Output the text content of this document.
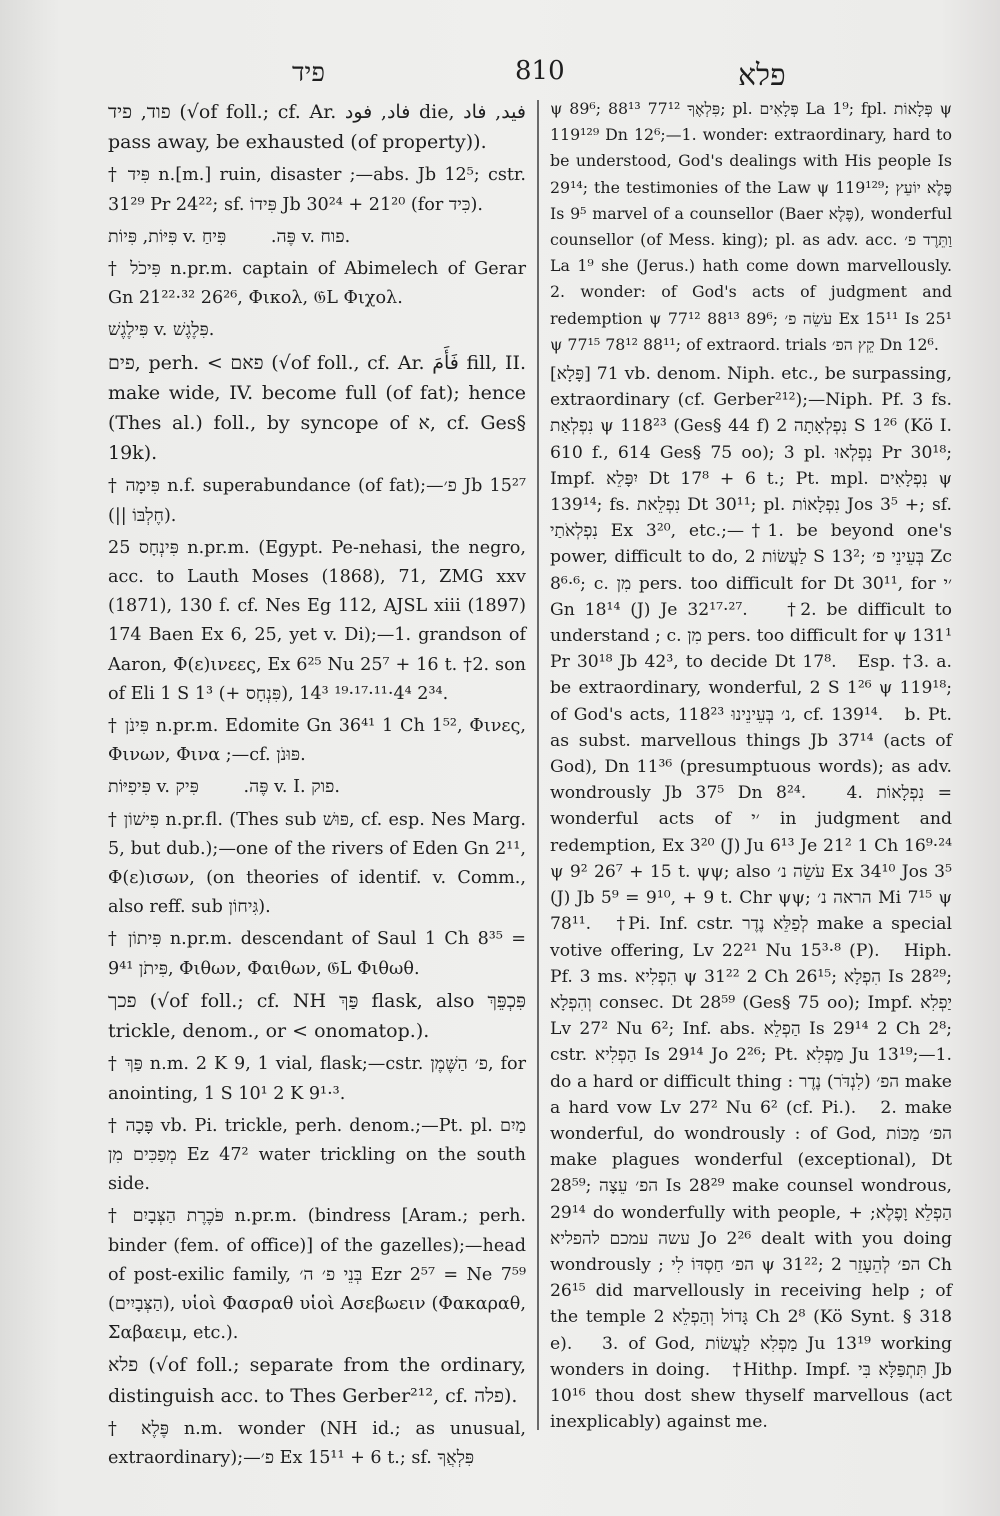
פיד	810	פלא
פוד, פיד (√of foll.; cf. Ar. فاد, فود die, فيد, فاد pass away, be exhausted (of property)).
† פִּיד n.[m.] ruin, disaster ;—abs. Jb 12⁵; cstr. 31²⁹ Pr 24²²; sf. פִּידוֹ Jb 30²⁴ + 21²⁰ (for כִּיד).
פִּיּוֹת, פִּיוֹת v. פֶּה.        פִּיחַ v. פוח.
† פִּיכֹל n.pr.m. captain of Abimelech of Gerar Gn 21²²·³² 26²⁶, Φικολ, 𝔊L Φιχολ.
פִּילֶגֶשׁ v. פִּלֶגֶשׁ.
פים, perh. < פאם (√of foll., cf. Ar. فَأَمَ fill, II. make wide, IV. become full (of fat); hence (Thes al.) foll., by syncope of א, cf. Ges§ 19k).
† פִּימָה n.f. superabundance (of fat);—פ׳ Jb 15²⁷ (|| חֶלְבּוֹ).
פִּינְחָס 25 n.pr.m. (Egypt. Pe-nehasi, the negro, acc. to Lauth Moses (1868), 71, ZMG xxv (1871), 130 f. cf. Nes Eg 112, AJSL xiii (1897) 174 Baen Ex 6, 25, yet v. Di);—1. grandson of Aaron, Φ(ε)ινεες, Ex 6²⁵ Nu 25⁷ + 16 t. †2. son of Eli 1 S 1³ (+ פִּנְחָס), 2³⁴ 4⁴·¹¹·¹⁷·¹⁹ 14³.
† פִּינֹן n.pr.m. Edomite Gn 36⁴¹ 1 Ch 1⁵², Φινες, Φινων, Φινα ;—cf. פּוּנֹן.
פִּיפִיּוֹת v. פֶּה.        פִּיק v. I. פוק.
† פִּישׁוֹן n.pr.fl. (Thes sub פּוּשׁ, cf. esp. Nes Marg. 5, but dub.);—one of the rivers of Eden Gn 2¹¹, Φ(ε)ισων, (on theories of identif. v. Comm., also reff. sub גִּיחוֹן).
† פִּיתוֹן n.pr.m. descendant of Saul 1 Ch 8³⁵ = פִּיתֹן 9⁴¹, Φιθων, Φαιθων, 𝔊L Φιθωθ.
פכך (√of foll.; cf. NH פַּךְ flask, also פִּכְפֵּךְ trickle, denom., or < onomatop.).
† פַּךְ n.m. 2 K 9, 1 vial, flask;—cstr. פ׳ הַשֶּׁמֶן, for anointing, 1 S 10¹ 2 K 9¹·³.
† פָּכָה vb. Pi. trickle, perh. denom.;—Pt. pl. מַיִם מְפַכִּים מִן Ez 47² water trickling on the south side.
† פֹּכֶרֶת הַצְּבָיִם n.pr.m. (bindress [Aram.; perh. binder (fem. of office)] of the gazelles);—head of post-exilic family, בְּנֵי פ׳ ה׳ Ezr 2⁵⁷ = Ne 7⁵⁹ (הַצְּבָיִים), υἱοὶ Φασραθ υἱοὶ Ασεβωειν (Φακαραθ, Σαβαειμ, etc.).
פלא (√of foll.; separate from the ordinary, distinguish acc. to Thes Gerber²¹², cf. פלה).
† פֶּלֶא n.m. wonder (NH id.; as unusual, extraordinary);—פ׳ Ex 15¹¹ + 6 t.; sf. פִּלְאֲךָ
ψ 89⁶; פִּלְאֶךָ 77¹² 88¹³; pl. פְּלָאִים La 1⁹; fpl. פְּלָאוֹת ψ 119¹²⁹ Dn 12⁶;—1. wonder: extraordinary, hard to be understood, God's dealings with His people Is 29¹⁴; the testimonies of the Law ψ 119¹²⁹; פֶּלֶא יוֹעֵץ Is 9⁵ marvel of a counsellor (Baer פֶּלֶא), wonderful counsellor (of Mess. king); pl. as adv. acc. וַתֵּרֶד פ׳ La 1⁹ she (Jerus.) hath come down marvellously.    2. wonder: of God's acts of judgment and redemption ψ 77¹² 88¹³ 89⁶; עֹשֵׂה פ׳ Ex 15¹¹ Is 25¹ ψ 77¹⁵ 78¹² 88¹¹; of extraord. trials קֵץ הפ׳ Dn 12⁶.
[פָּלָא] 71 vb. denom. Niph. etc., be surpassing, extraordinary (cf. Gerber²¹²);—Niph. Pf. 3 fs. נִפְלְאַת ψ 118²³ (Ges§ 44 f) נִפְלְאָתָה 2 S 1²⁶ (Kö I. 610 f., 614 Ges§ 75 oo); 3 pl. נִפְלְאוּ Pr 30¹⁸; Impf. יִפָּלֵא Dt 17⁸ + 6 t.; Pt. mpl. נִפְלָאִים ψ 139¹⁴; fs. נִפְלֵאת Dt 30¹¹; pl. נִפְלָאוֹת Jos 3⁵ +; sf. נִפְלְאֹתַי Ex 3²⁰, etc.;—†1. be beyond one's power, difficult to do, לַעֲשׂוֹת 2 S 13²; בְּעֵינֵי פ׳ Zc 8⁶·⁶; c. מִן pers. too difficult for Dt 30¹¹, for ׳י Gn 18¹⁴ (J) Je 32¹⁷·²⁷.    †2. be difficult to understand ; c. מִן pers. too difficult for ψ 131¹ Pr 30¹⁸ Jb 42³, to decide Dt 17⁸.   Esp. †3. a. be extraordinary, wonderful, 2 S 1²⁶ ψ 119¹⁸; of God's acts, נ׳ בְּעֵינֵינוּ 118²³, cf. 139¹⁴.   b. Pt. as subst. marvellous things Jb 37¹⁴ (acts of God), Dn 11³⁶ (presumptuous words); as adv. wondrously Jb 37⁵ Dn 8²⁴.   4. נִפְלָאוֹת = wonderful acts of ׳י in judgment and redemption, Ex 3²⁰ (J) Ju 6¹³ Je 21² 1 Ch 16⁹·²⁴ ψ 9² 26⁷ + 15 t. ψψ; also עֹשֵׂה נ׳ Ex 34¹⁰ Jos 3⁵ (J) Jb 5⁹ = 9¹⁰, + 9 t. Chr ψψ; הראה נ׳ Mi 7¹⁵ ψ 78¹¹.   †Pi. Inf. cstr. לְפַלֵּא נֶדֶר make a special votive offering, Lv 22²¹ Nu 15³·⁸ (P).   Hiph. Pf. 3 ms. הִפְלִיא ψ 31²² 2 Ch 26¹⁵; הִפְלָא Is 28²⁹; וְהִפְלָא consec. Dt 28⁵⁹ (Ges§ 75 oo); Impf. יַפְלִא Lv 27² Nu 6²; Inf. abs. הַפְלֵא Is 29¹⁴ 2 Ch 2⁸; cstr. הַפְלִיא Is 29¹⁴ Jo 2²⁶; Pt. מַפְלִא Ju 13¹⁹;—1. do a hard or difficult thing : הפ׳ (לִנְדֹּר) נֶדֶר make a hard vow Lv 27² Nu 6² (cf. Pi.).   2. make wonderful, do wondrously : of God, הפ׳ מַכּוֹת make plagues wonderful (exceptional), Dt 28⁵⁹; הפ׳ עֵצָה Is 28²⁹ make counsel wondrous, 29¹⁴ do wonderfully with people, + הַפְלֵא וָפֶלֶא; עשה עמכם להפליא Jo 2²⁶ dealt with you doing wondrously ; הפ׳ חַסְדּוֹ לִי ψ 31²²; הפ׳ לְהֵעָזֵר 2 Ch 26¹⁵ did marvellously in receiving help ; of the temple גָּדוֹל וְהַפְלֵא 2 Ch 2⁸ (Kö Synt. § 318 e).   3. of God, מַפְלִא לַעֲשׂוֹת Ju 13¹⁹ working wonders in doing.   †Hithp. Impf. תִּתְפַּלָּא בִּי Jb 10¹⁶ thou dost shew thyself marvellous (act inexplicably) against me.
